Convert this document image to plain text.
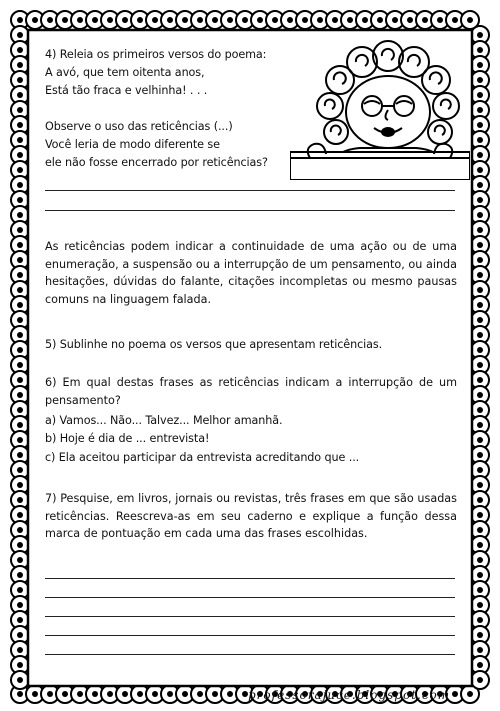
4) Releia os primeiros versos do poema:
A avó, que tem oitenta anos,
Está tão fraca e velhinha! . . .
Observe o uso das reticências (...)
Você leria de modo diferente se
ele não fosse encerrado por reticências?
As reticências podem indicar a continuidade de uma ação ou de uma enumeração, a suspensão ou a interrupção de um pensamento, ou ainda hesitações, dúvidas do falante, citações incompletas ou mesmo pausas comuns na linguagem falada.
5) Sublinhe no poema os versos que apresentam reticências.
6) Em qual destas frases as reticências indicam a interrupção de um pensamento?
a) Vamos... Não... Talvez... Melhor amanhã.
b) Hoje é dia de ... entrevista!
c) Ela aceitou participar da entrevista acreditando que ...
7) Pesquise, em livros, jornais ou revistas, três frases em que são usadas reticências. Reescreva-as em seu caderno e explique a função dessa marca de pontuação em cada uma das frases escolhidas.
professorajuce.blogspot.com
